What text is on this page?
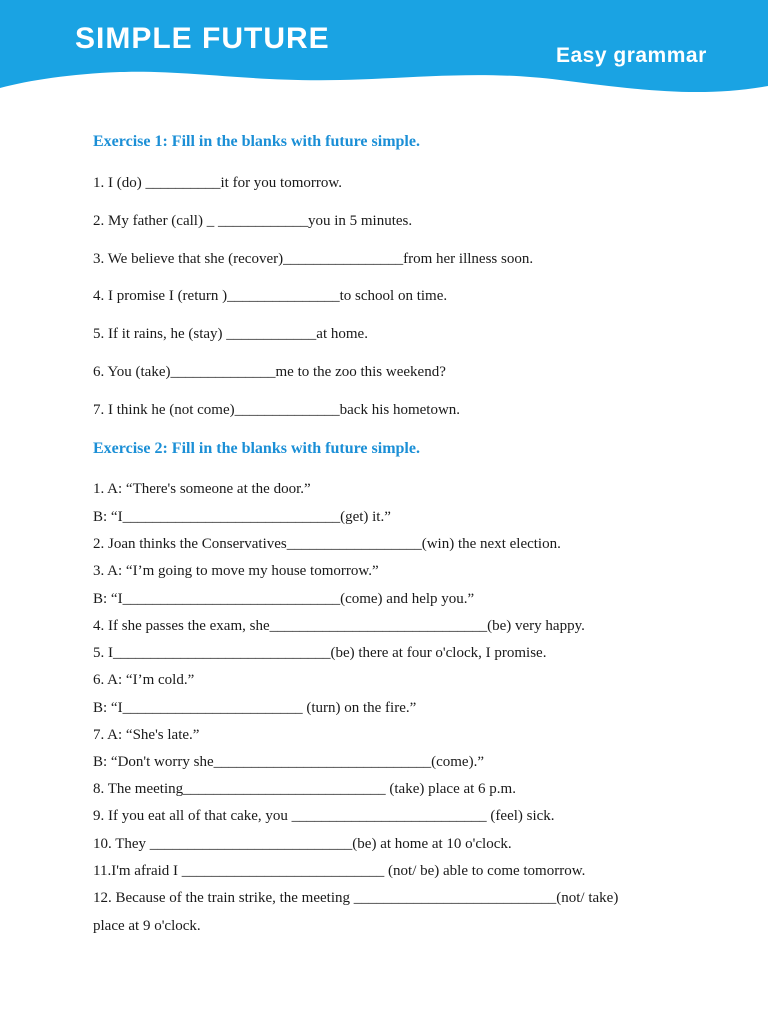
SIMPLE FUTURE
Easy grammar
Exercise 1: Fill in the blanks with future simple.
1. I (do) __________it for you tomorrow.
2. My father (call) _ ____________you in 5 minutes.
3. We believe that she (recover)________________from her illness soon.
4. I promise I (return )_______________to school on time.
5. If it rains, he (stay) ____________at home.
6. You (take)______________me to the zoo this weekend?
7. I think he (not come)______________back his hometown.
Exercise 2: Fill in the blanks with future simple.
1. A: “There's someone at the door.”
B: “I_____________________________(get) it.”
2. Joan thinks the Conservatives__________________(win) the next election.
3. A: “I’m going to move my house tomorrow.”
B: “I_____________________________(come) and help you.”
4. If she passes the exam, she_____________________________(be) very happy.
5. I_____________________________(be) there at four o'clock, I promise.
6. A: “I’m cold.”
B: “I________________________ (turn) on the fire.”
7. A: “She's late.”
B: “Don't worry she_____________________________(come).”
8. The meeting___________________________ (take) place at 6 p.m.
9. If you eat all of that cake, you __________________________ (feel) sick.
10. They ___________________________(be) at home at 10 o'clock.
11.I'm afraid I ___________________________ (not/ be) able to come tomorrow.
12. Because of the train strike, the meeting ___________________________(not/ take)
place at 9 o'clock.
